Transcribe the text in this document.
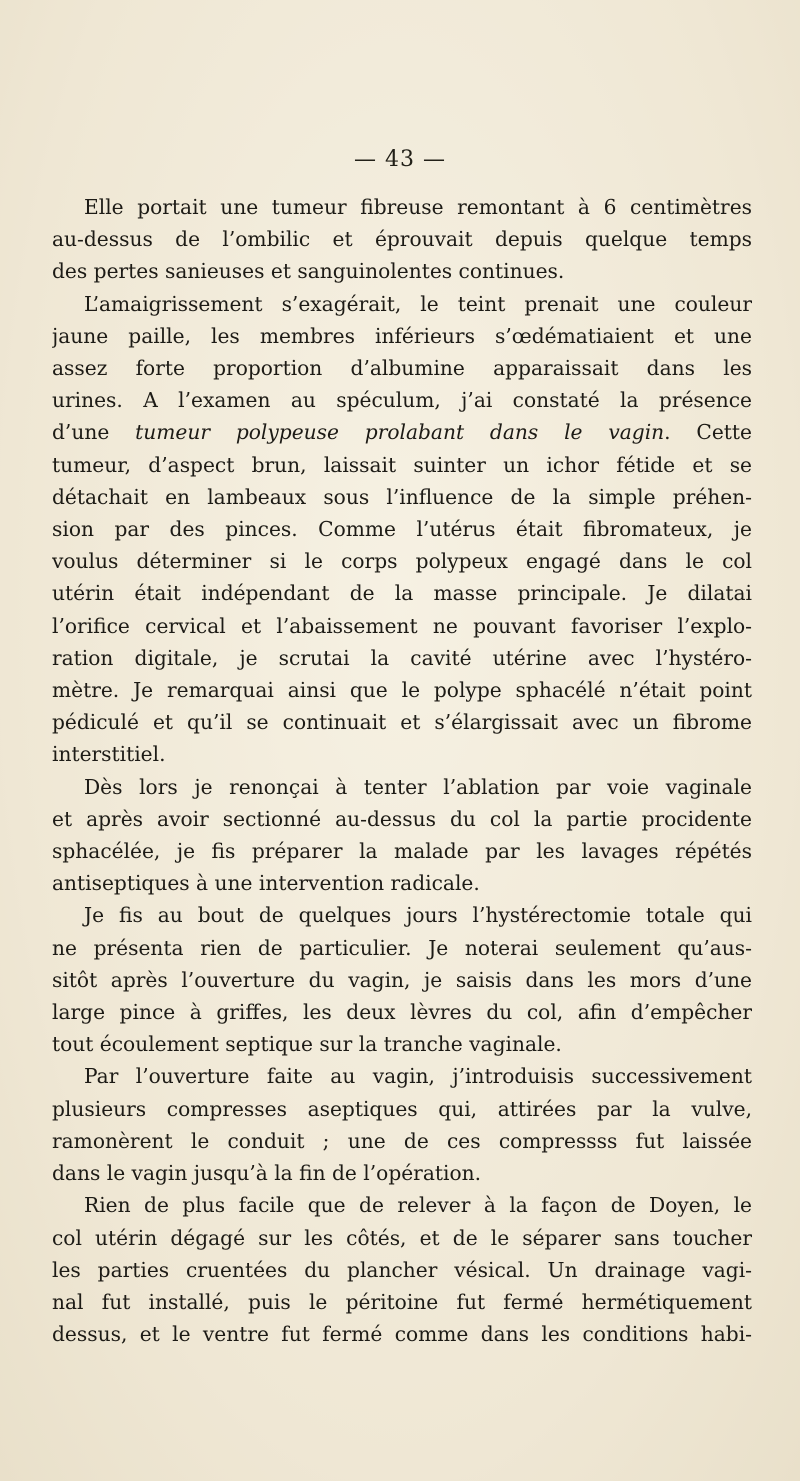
— 43 —
Elle portait une tumeur fibreuse remontant à 6 centimètres
au-dessus de l’ombilic et éprouvait depuis quelque temps
des pertes sanieuses et sanguinolentes continues.
L’amaigrissement s’exagérait, le teint prenait une couleur
jaune paille, les membres inférieurs s’œdématiaient et une
assez forte proportion d’albumine apparaissait dans les
urines. A l’examen au spéculum, j’ai constaté la présence
d’une tumeur polypeuse prolabant dans le vagin. Cette
tumeur, d’aspect brun, laissait suinter un ichor fétide et se
détachait en lambeaux sous l’influence de la simple préhen-
sion par des pinces. Comme l’utérus était fibromateux, je
voulus déterminer si le corps polypeux engagé dans le col
utérin était indépendant de la masse principale. Je dilatai
l’orifice cervical et l’abaissement ne pouvant favoriser l’explo-
ration digitale, je scrutai la cavité utérine avec l’hystéro-
mètre. Je remarquai ainsi que le polype sphacélé n’était point
pédiculé et qu’il se continuait et s’élargissait avec un fibrome
interstitiel.
Dès lors je renonçai à tenter l’ablation par voie vaginale
et après avoir sectionné au-dessus du col la partie procidente
sphacélée, je fis préparer la malade par les lavages répétés
antiseptiques à une intervention radicale.
Je fis au bout de quelques jours l’hystérectomie totale qui
ne présenta rien de particulier. Je noterai seulement qu’aus-
sitôt après l’ouverture du vagin, je saisis dans les mors d’une
large pince à griffes, les deux lèvres du col, afin d’empêcher
tout écoulement septique sur la tranche vaginale.
Par l’ouverture faite au vagin, j’introduisis successivement
plusieurs compresses aseptiques qui, attirées par la vulve,
ramonèrent le conduit ; une de ces compressss fut laissée
dans le vagin jusqu’à la fin de l’opération.
Rien de plus facile que de relever à la façon de Doyen, le
col utérin dégagé sur les côtés, et de le séparer sans toucher
les parties cruentées du plancher vésical. Un drainage vagi-
nal fut installé, puis le péritoine fut fermé hermétiquement
dessus, et le ventre fut fermé comme dans les conditions habi-
